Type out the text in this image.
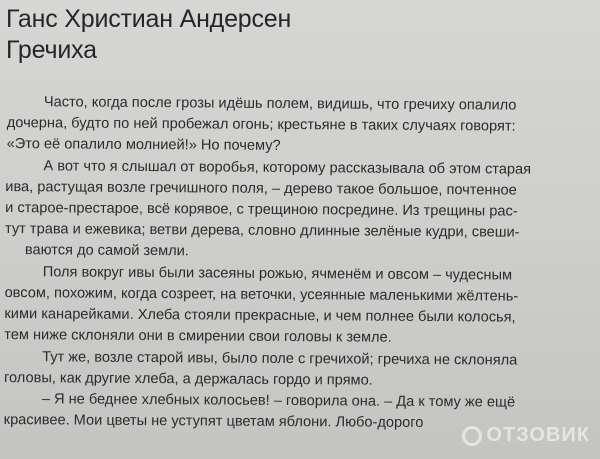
Ганс Христиан Андерсен
Гречиха
Часто, когда после грозы идёшь полем, видишь, что гречиху опалило
дочерна, будто по ней пробежал огонь; крестьяне в таких случаях говорят:
«Это её опалило молнией!» Но почему?
А вот что я слышал от воробья, которому рассказывала об этом старая
ива, растущая возле гречишного поля, – дерево такое большое, почтенное
и старое-престарое, всё корявое, с трещиною посредине. Из трещины рас-
тут трава и ежевика; ветви дерева, словно длинные зелёные кудри, свеши-
ваются до самой земли.
Поля вокруг ивы были засеяны рожью, ячменём и овсом – чудесным
овсом, похожим, когда созреет, на веточки, усеянные маленькими жёлтень-
кими канарейками. Хлеба стояли прекрасные, и чем полнее были колосья,
тем ниже склоняли они в смирении свои головы к земле.
Тут же, возле старой ивы, было поле с гречихой; гречиха не склоняла
головы, как другие хлеба, а держалась гордо и прямо.
– Я не беднее хлебных колосьев! – говорила она. – Да к тому же ещё
красивее. Мои цветы не уступят цветам яблони. Любо-дорого
OTЗОВИК
